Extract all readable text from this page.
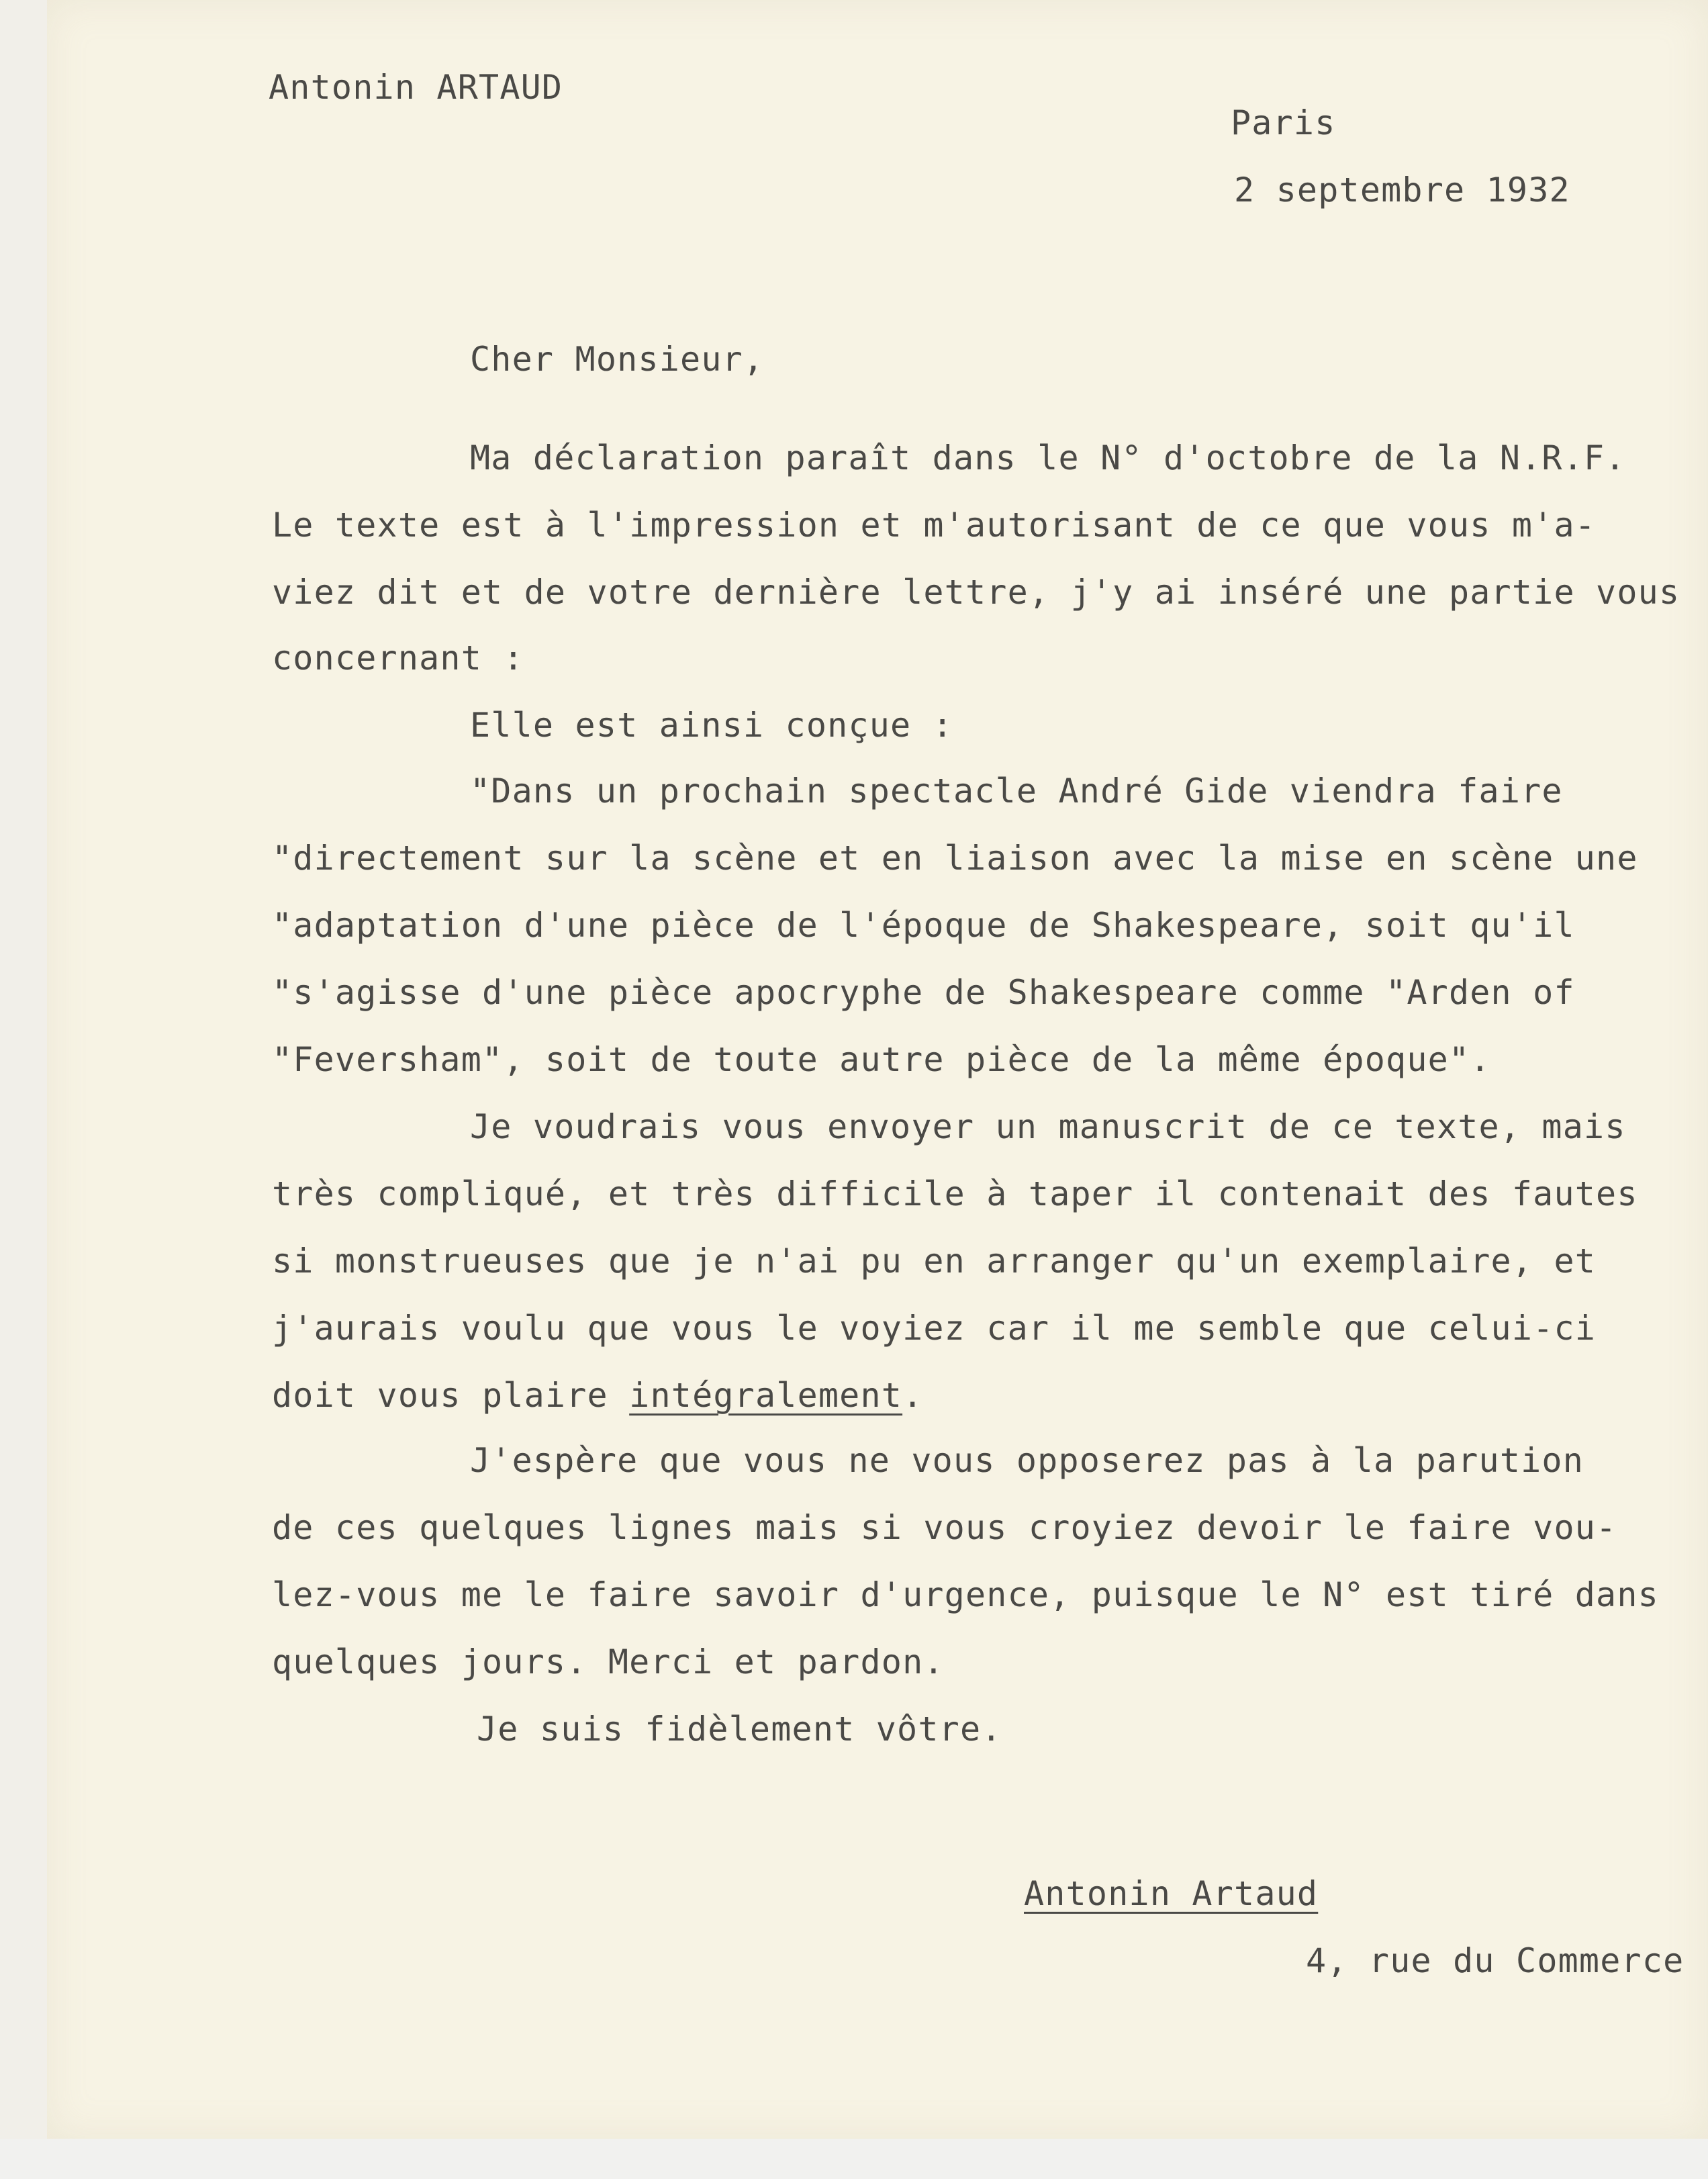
Antonin ARTAUD

Paris

2 septembre 1932

Cher Monsieur,

Ma déclaration paraît dans le N° d'octobre de la N.R.F.

Le texte est à l'impression et m'autorisant de ce que vous m'a-

viez dit et de votre dernière lettre, j'y ai inséré une partie vous

concernant :

Elle est ainsi conçue :

"Dans un prochain spectacle André Gide viendra faire

"directement sur la scène et en liaison avec la mise en scène une

"adaptation d'une pièce de l'époque de Shakespeare, soit qu'il

"s'agisse d'une pièce apocryphe de Shakespeare comme "Arden of

"Feversham", soit de toute autre pièce de la même époque".

Je voudrais vous envoyer un manuscrit de ce texte, mais

très compliqué, et très difficile à taper il contenait des fautes

si monstrueuses que je n'ai pu en arranger qu'un exemplaire, et

j'aurais voulu que vous le voyiez car il me semble que celui-ci

doit vous plaire intégralement.

J'espère que vous ne vous opposerez pas à la parution

de ces quelques lignes mais si vous croyiez devoir le faire vou-

lez-vous me le faire savoir d'urgence, puisque le N° est tiré dans

quelques jours. Merci et pardon.

Je suis fidèlement vôtre.

Antonin Artaud

4, rue du Commerce
